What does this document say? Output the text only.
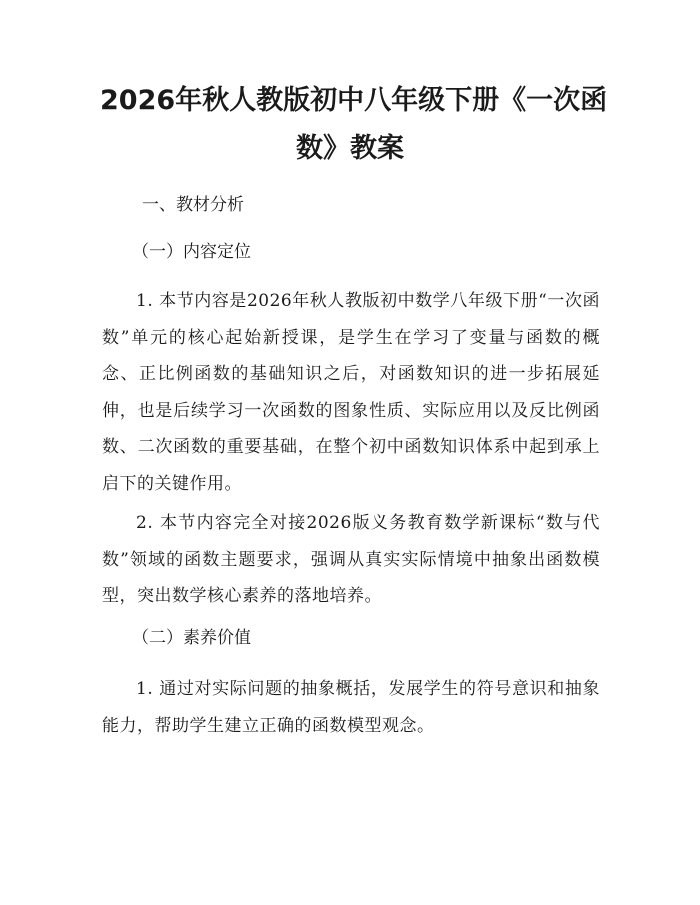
2026年秋人教版初中八年级下册《一次函
数》教案

一、教材分析

（一）内容定位

1. 本节内容是2026年秋人教版初中数学八年级下册“一次函数”单元的核心起始新授课，是学生在学习了变量与函数的概念、正比例函数的基础知识之后，对函数知识的进一步拓展延伸，也是后续学习一次函数的图象性质、实际应用以及反比例函数、二次函数的重要基础，在整个初中函数知识体系中起到承上启下的关键作用。

2. 本节内容完全对接2026版义务教育数学新课标“数与代数”领域的函数主题要求，强调从真实实际情境中抽象出函数模型，突出数学核心素养的落地培养。

（二）素养价值

1. 通过对实际问题的抽象概括，发展学生的符号意识和抽象能力，帮助学生建立正确的函数模型观念。
